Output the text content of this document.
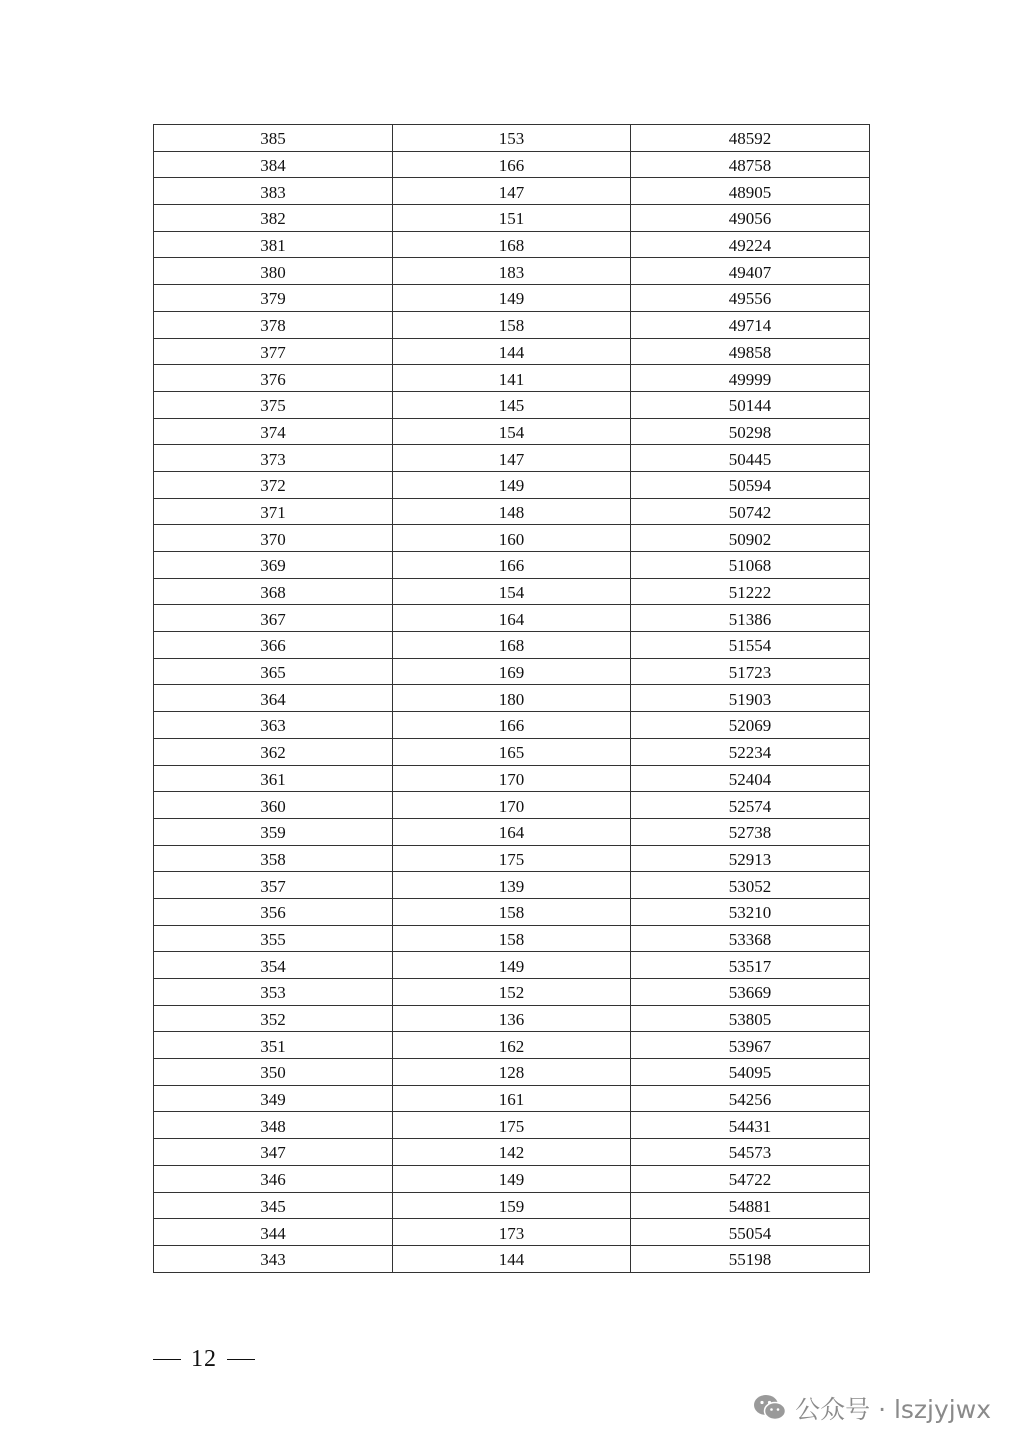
385	153	48592
384	166	48758
383	147	48905
382	151	49056
381	168	49224
380	183	49407
379	149	49556
378	158	49714
377	144	49858
376	141	49999
375	145	50144
374	154	50298
373	147	50445
372	149	50594
371	148	50742
370	160	50902
369	166	51068
368	154	51222
367	164	51386
366	168	51554
365	169	51723
364	180	51903
363	166	52069
362	165	52234
361	170	52404
360	170	52574
359	164	52738
358	175	52913
357	139	53052
356	158	53210
355	158	53368
354	149	53517
353	152	53669
352	136	53805
351	162	53967
350	128	54095
349	161	54256
348	175	54431
347	142	54573
346	149	54722
345	159	54881
344	173	55054
343	144	55198
12
公众号 · lszjyjwx
